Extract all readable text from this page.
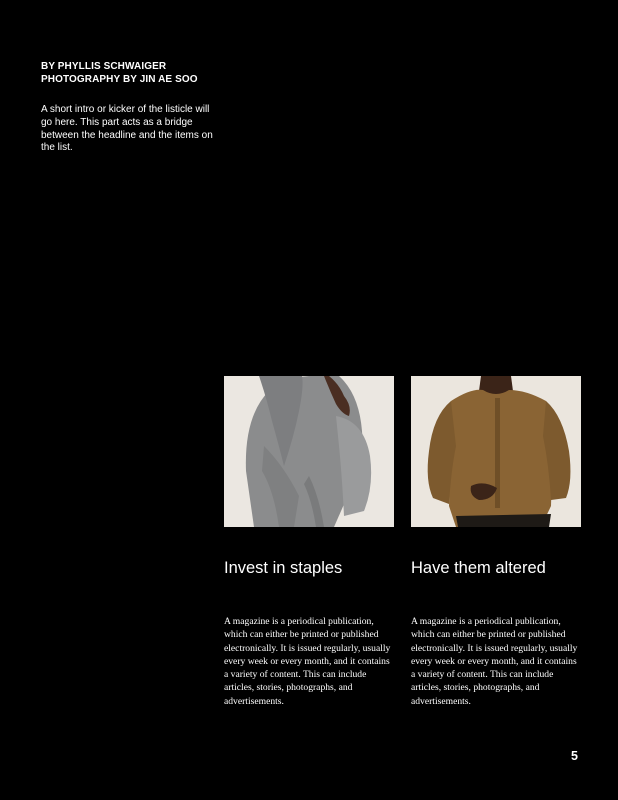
BY PHYLLIS SCHWAIGER
PHOTOGRAPHY BY JIN AE SOO
A short intro or kicker of the listicle will go here. This part acts as a bridge between the headline and the items on the list.
Invest in staples
A magazine is a periodical publication, which can either be printed or published electronically. It is issued regularly, usually every week or every month, and it contains a variety of content. This can include articles, stories, photographs, and advertisements.
Have them altered
A magazine is a periodical publication, which can either be printed or published electronically. It is issued regularly, usually every week or every month, and it contains a variety of content. This can include articles, stories, photographs, and advertisements.
5
